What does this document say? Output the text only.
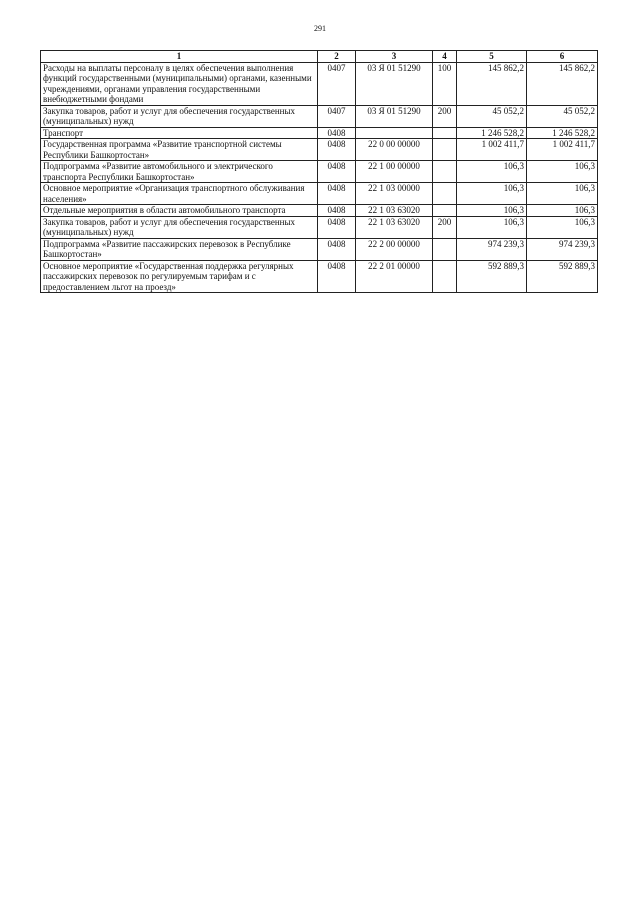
291
1	2	3	4	5	6
Расходы на выплаты персоналу в целях обеспечения выполнения функций государственными (муниципальными) органами, казенными учреждениями, органами управления государственными внебюджетными фондами	0407	03 Я 01 51290	100	145 862,2	145 862,2
Закупка товаров, работ и услуг для обеспечения государственных (муниципальных) нужд	0407	03 Я 01 51290	200	45 052,2	45 052,2
Транспорт	0408			1 246 528,2	1 246 528,2
Государственная программа «Развитие транспортной системы Республики Башкортостан»	0408	22 0 00 00000		1 002 411,7	1 002 411,7
Подпрограмма «Развитие автомобильного и электрического транспорта Республики Башкортостан»	0408	22 1 00 00000		106,3	106,3
Основное мероприятие «Организация транспортного обслуживания населения»	0408	22 1 03 00000		106,3	106,3
Отдельные мероприятия в области автомобильного транспорта	0408	22 1 03 63020		106,3	106,3
Закупка товаров, работ и услуг для обеспечения государственных (муниципальных) нужд	0408	22 1 03 63020	200	106,3	106,3
Подпрограмма «Развитие пассажирских перевозок в Республике Башкортостан»	0408	22 2 00 00000		974 239,3	974 239,3
Основное мероприятие «Государственная поддержка регулярных пассажирских перевозок по регулируемым тарифам и с предоставлением льгот на проезд»	0408	22 2 01 00000		592 889,3	592 889,3
